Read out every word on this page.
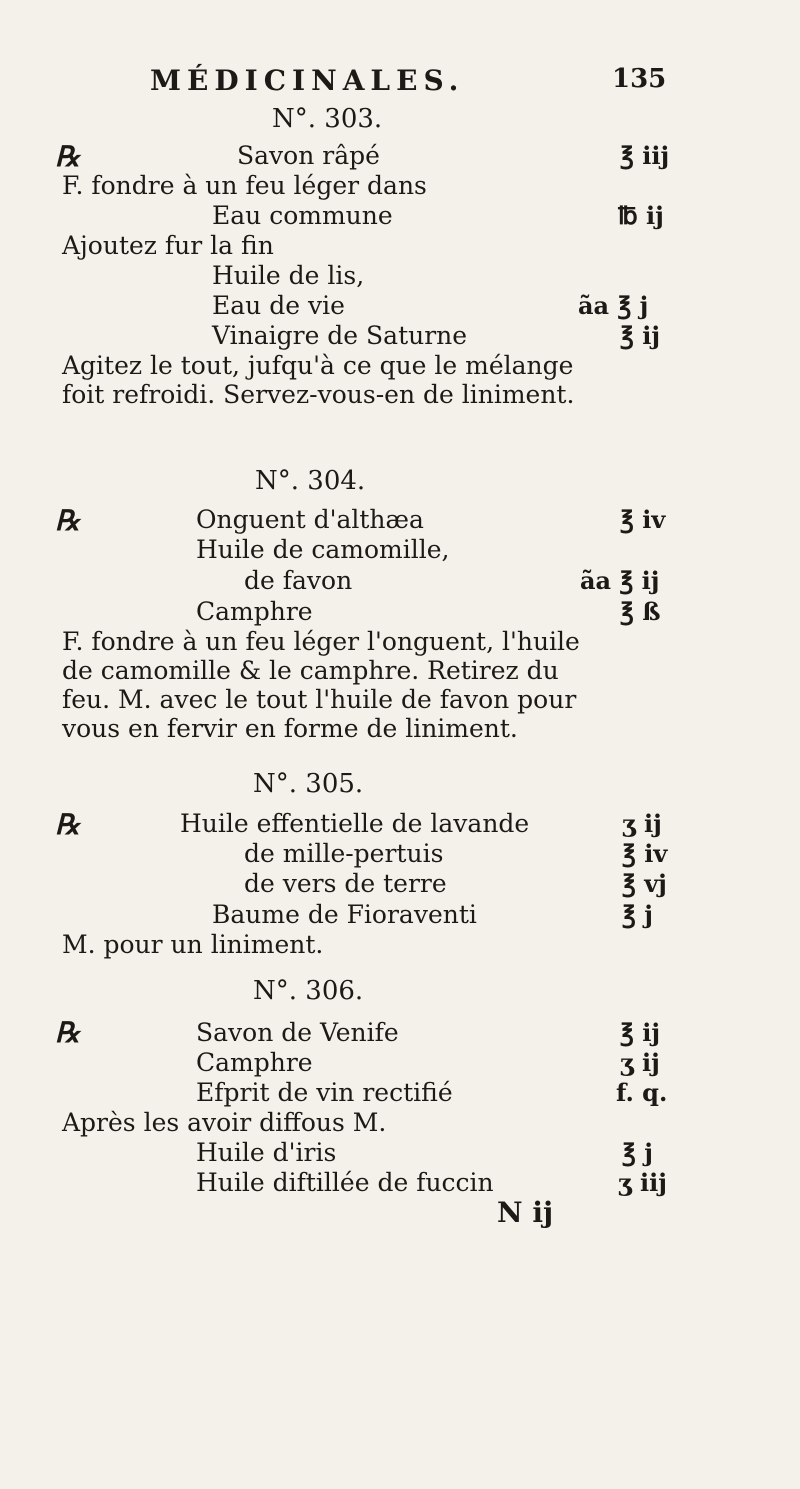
MÉDICINALES.	135
N°. 303.
℞	Savon râpé	℥ iij
F. fondre à un feu léger dans
Eau commune	℔ ij
Ajoutez fur la fin
Huile de lis,
Eau de vie	ãa ℥ j
Vinaigre de Saturne	℥ ij
Agitez le tout, jufqu'à ce que le mélange foit refroidi. Servez-vous-en de liniment.
N°. 304.
℞	Onguent d'althæa	℥ iv
Huile de camomille,
de favon	ãa ℥ ij
Camphre	℥ ß
F. fondre à un feu léger l'onguent, l'huile de camomille & le camphre. Retirez du feu. M. avec le tout l'huile de favon pour vous en fervir en forme de liniment.
N°. 305.
℞	Huile effentielle de lavande	ʒ ij
de mille-pertuis	℥ iv
de vers de terre	℥ vj
Baume de Fioraventi	℥ j
M. pour un liniment.
N°. 306.
℞	Savon de Venife	℥ ij
Camphre	ʒ ij
Efprit de vin rectifié	f. q.
Après les avoir diffous M.
Huile d'iris	℥ j
Huile diftillée de fuccin	ʒ iij
N ij
